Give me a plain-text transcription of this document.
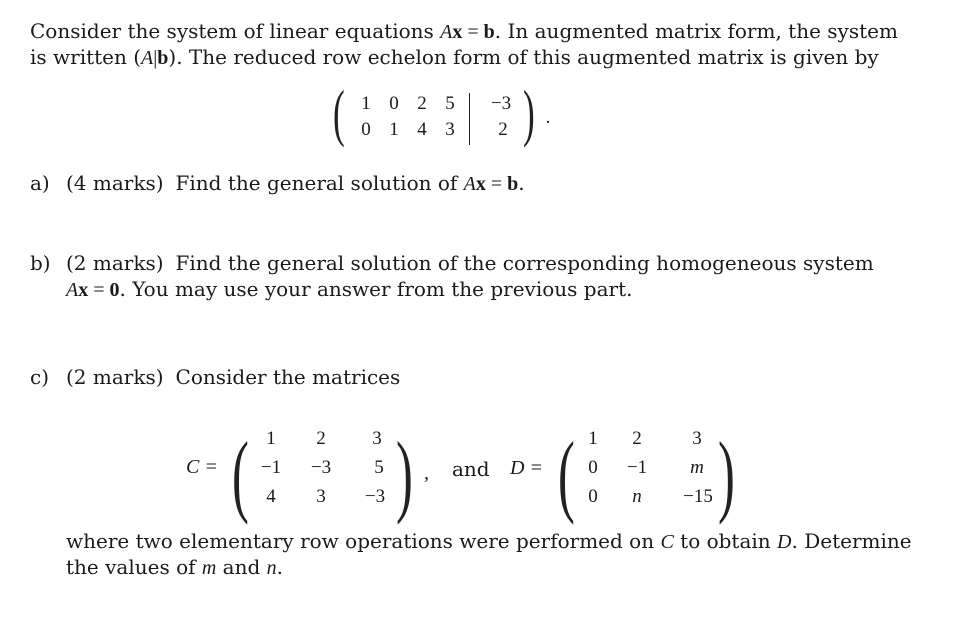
Consider the system of linear equations Ax = b. In augmented matrix form, the system
is written (A|b). The reduced row echelon form of this augmented matrix is given by
( 1 0 2 5	−3
0 1 4 3	2 ) .
a) (4 marks) Find the general solution of Ax = b.
b) (2 marks) Find the general solution of the corresponding homogeneous system
Ax = 0. You may use your answer from the previous part.
c) (2 marks) Consider the matrices
C = ( 1	2	3
−1 −3	5
4	3	−3 ) , and D = ( 1	2	3
0	−1	m
0	n	−15 )
where two elementary row operations were performed on C to obtain D. Determine
the values of m and n.
